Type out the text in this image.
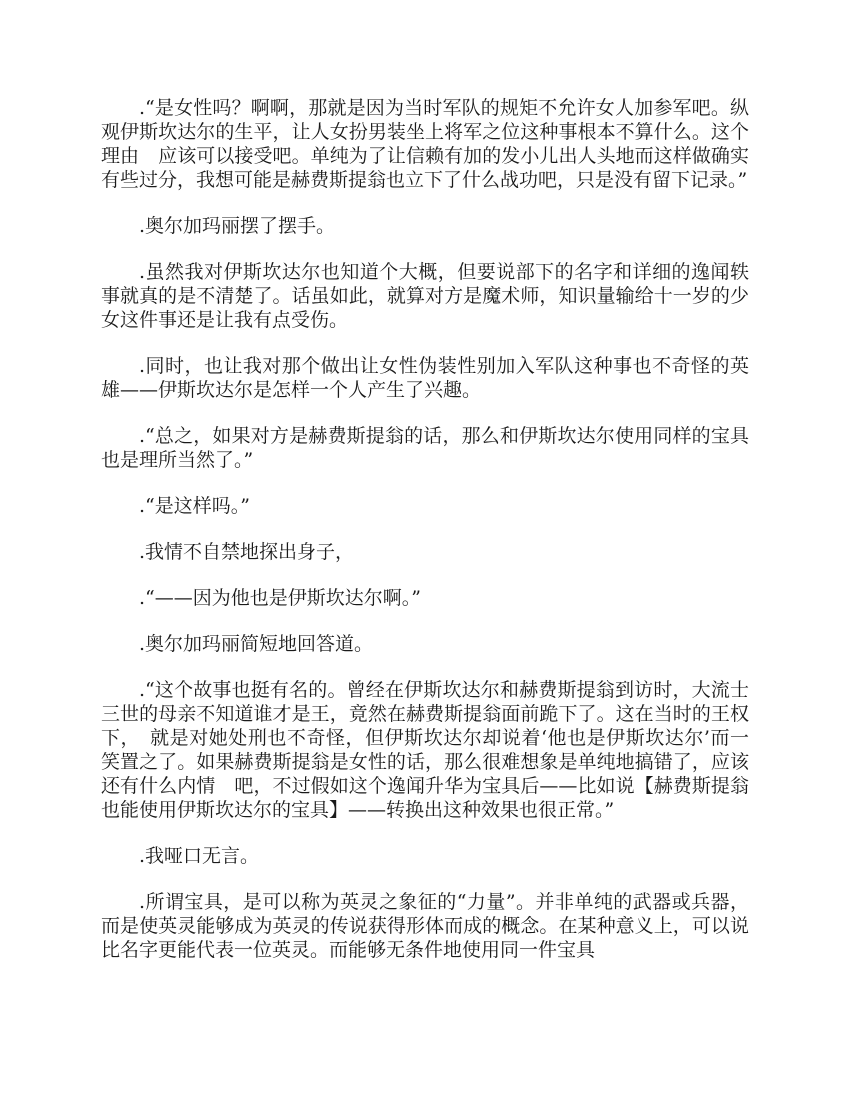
.“是女性吗？啊啊，那就是因为当时军队的规矩不允许女人加参军吧。纵观伊斯坎达尔的生平，让人女扮男装坐上将军之位这种事根本不算什么。这个理由　应该可以接受吧。单纯为了让信赖有加的发小儿出人头地而这样做确实有些过分，我想可能是赫费斯提翁也立下了什么战功吧，只是没有留下记录。”

.奥尔加玛丽摆了摆手。

.虽然我对伊斯坎达尔也知道个大概，但要说部下的名字和详细的逸闻轶事就真的是不清楚了。话虽如此，就算对方是魔术师，知识量输给十一岁的少女这件事还是让我有点受伤。

.同时，也让我对那个做出让女性伪装性别加入军队这种事也不奇怪的英雄——伊斯坎达尔是怎样一个人产生了兴趣。

.“总之，如果对方是赫费斯提翁的话，那么和伊斯坎达尔使用同样的宝具也是理所当然了。”

.“是这样吗。”

.我情不自禁地探出身子，

.“——因为他也是伊斯坎达尔啊。”

.奥尔加玛丽简短地回答道。

.“这个故事也挺有名的。曾经在伊斯坎达尔和赫费斯提翁到访时，大流士三世的母亲不知道谁才是王，竟然在赫费斯提翁面前跪下了。这在当时的王权下，　就是对她处刑也不奇怪，但伊斯坎达尔却说着‘他也是伊斯坎达尔’而一笑置之了。如果赫费斯提翁是女性的话，那么很难想象是单纯地搞错了，应该还有什么内情　吧，不过假如这个逸闻升华为宝具后——比如说【赫费斯提翁也能使用伊斯坎达尔的宝具】——转换出这种效果也很正常。”

.我哑口无言。

.所谓宝具，是可以称为英灵之象征的“力量”。并非单纯的武器或兵器，而是使英灵能够成为英灵的传说获得形体而成的概念。在某种意义上，可以说比名字更能代表一位英灵。而能够无条件地使用同一件宝具
